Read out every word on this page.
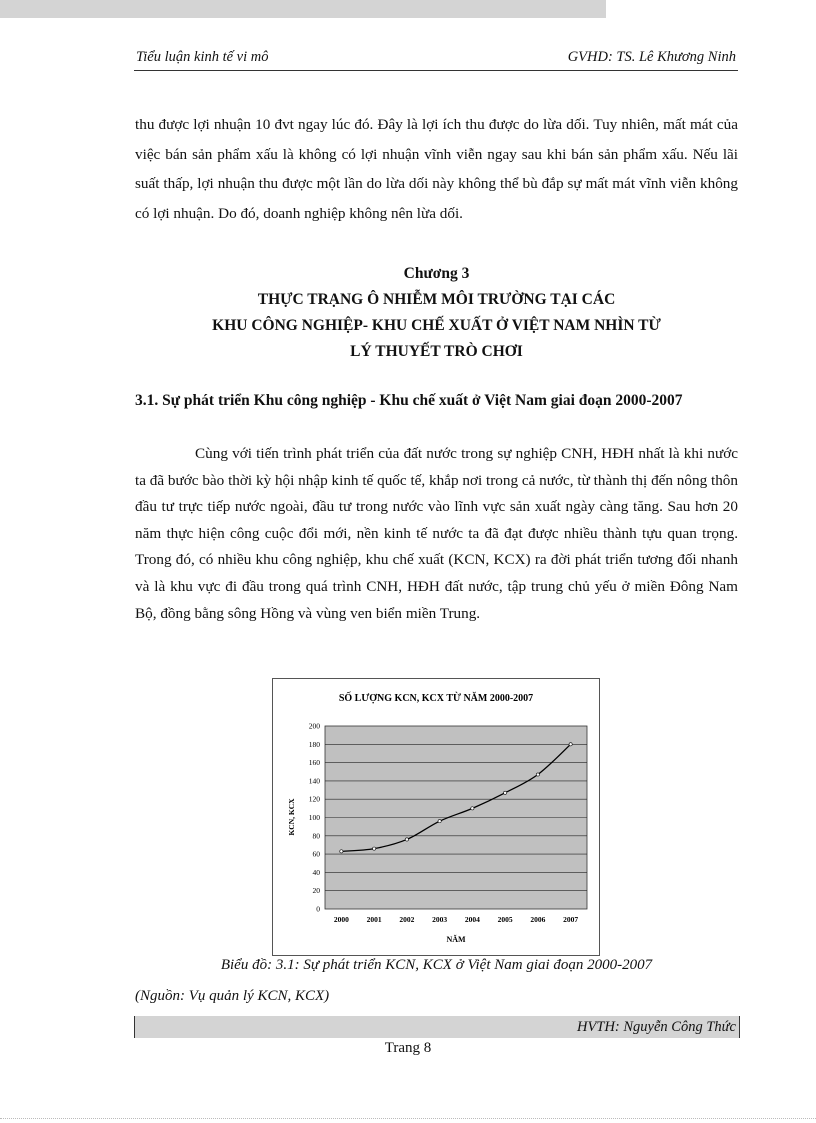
Tiểu luận kinh tế vi mô	GVHD: TS. Lê Khương Ninh

thu được lợi nhuận 10 đvt ngay lúc đó. Đây là lợi ích thu được do lừa dối. Tuy nhiên, mất mát của việc bán sản phẩm xấu là không có lợi nhuận vĩnh viễn ngay sau khi bán sản phẩm xấu. Nếu lãi suất thấp, lợi nhuận thu được một lần do lừa dối này không thể bù đắp sự mất mát vĩnh viễn không có lợi nhuận. Do đó, doanh nghiệp không nên lừa dối.

Chương 3
THỰC TRẠNG Ô NHIỄM MÔI TRƯỜNG TẠI CÁC
KHU CÔNG NGHIỆP- KHU CHẾ XUẤT Ở VIỆT NAM NHÌN TỪ
LÝ THUYẾT TRÒ CHƠI
3.1. Sự phát triển Khu công nghiệp - Khu chế xuất ở Việt Nam giai đoạn 2000-2007

Cùng với tiến trình phát triển của đất nước trong sự nghiệp CNH, HĐH nhất là khi nước ta đã bước bào thời kỳ hội nhập kinh tế quốc tế, khắp nơi trong cả nước, từ thành thị đến nông thôn đầu tư trực tiếp nước ngoài, đầu tư trong nước vào lĩnh vực sản xuất ngày càng tăng. Sau hơn 20 năm thực hiện công cuộc đổi mới, nền kinh tế nước ta đã đạt được nhiều thành tựu quan trọng. Trong đó, có nhiều khu công nghiệp, khu chế xuất (KCN, KCX) ra đời phát triển tương đối nhanh và là khu vực đi đầu trong quá trình CNH, HĐH đất nước, tập trung chủ yếu ở miền Đông Nam Bộ, đồng bằng sông Hồng và vùng ven biển miền Trung.

SỐ LƯỢNG KCN, KCX TỪ NĂM 2000-2007
0
20
40
60
80
100
120
140
160
180
200
2000 2001 2002 2003 2004 2005 2006 2007
KCN, KCX
NĂM
Biểu đồ: 3.1: Sự phát triển KCN, KCX ở Việt Nam giai đoạn 2000-2007
(Nguồn: Vụ quản lý KCN, KCX)
HVTH: Nguyễn Công Thức
Trang 8
